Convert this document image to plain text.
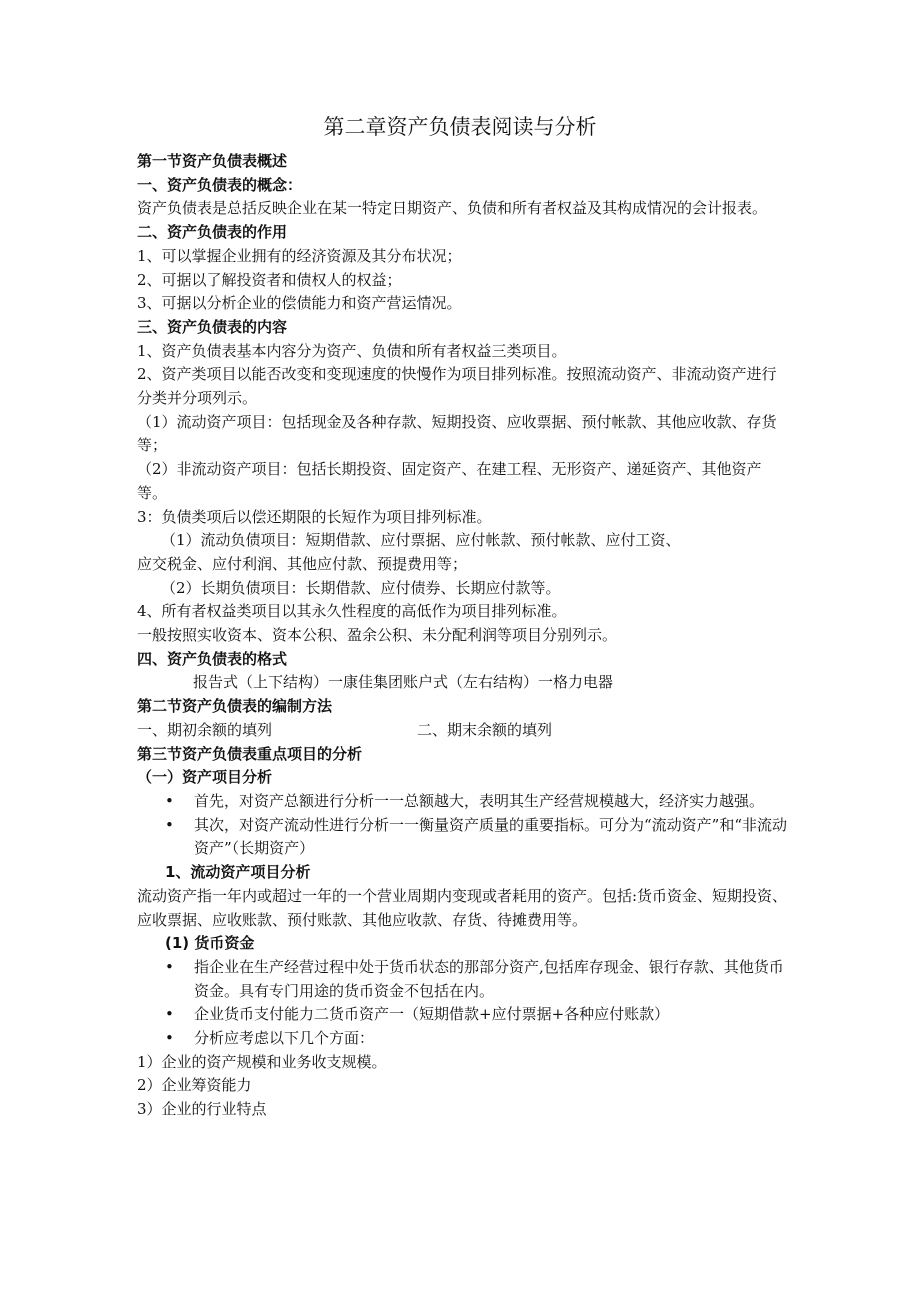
第二章资产负债表阅读与分析

第一节资产负债表概述

一、资产负债表的概念：

资产负债表是总括反映企业在某一特定日期资产、负债和所有者权益及其构成情况的会计报表。

二、资产负债表的作用

1、可以掌握企业拥有的经济资源及其分布状况；

2、可据以了解投资者和债权人的权益；

3、可据以分析企业的偿债能力和资产营运情况。

三、资产负债表的内容

1、资产负债表基本内容分为资产、负债和所有者权益三类项目。

2、资产类项目以能否改变和变现速度的快慢作为项目排列标准。按照流动资产、非流动资产进行分类并分项列示。

（1）流动资产项目：包括现金及各种存款、短期投资、应收票据、预付帐款、其他应收款、存货等；

（2）非流动资产项目：包括长期投资、固定资产、在建工程、无形资产、递延资产、其他资产等。

3：负债类项后以偿还期限的长短作为项目排列标准。

（1）流动负债项目：短期借款、应付票据、应付帐款、预付帐款、应付工资、

应交税金、应付利润、其他应付款、预提费用等；

（2）长期负债项目：长期借款、应付债券、长期应付款等。

4、所有者权益类项目以其永久性程度的高低作为项目排列标准。

一般按照实收资本、资本公积、盈余公积、未分配利润等项目分别列示。

四、资产负债表的格式

报告式（上下结构）一康佳集团账户式（左右结构）一格力电器

第二节资产负债表的编制方法

一、期初余额的填列	二、期末余额的填列

第三节资产负债表重点项目的分析

（一）资产项目分析

• 首先，对资产总额进行分析一一总额越大，表明其生产经营规模越大，经济实力越强。

• 其次，对资产流动性进行分析一一衡量资产质量的重要指标。可分为“流动资产”和“非流动资产”（长期资产）

1、流动资产项目分析

流动资产指一年内或超过一年的一个营业周期内变现或者耗用的资产。包括:货币资金、短期投资、应收票据、应收账款、预付账款、其他应收款、存货、待摊费用等。

(1) 货币资金

• 指企业在生产经营过程中处于货币状态的那部分资产,包括库存现金、银行存款、其他货币资金。具有专门用途的货币资金不包括在内。

• 企业货币支付能力二货币资产一（短期借款+应付票据+各种应付账款）

• 分析应考虑以下几个方面：

1）企业的资产规模和业务收支规模。

2）企业筹资能力

3）企业的行业特点
